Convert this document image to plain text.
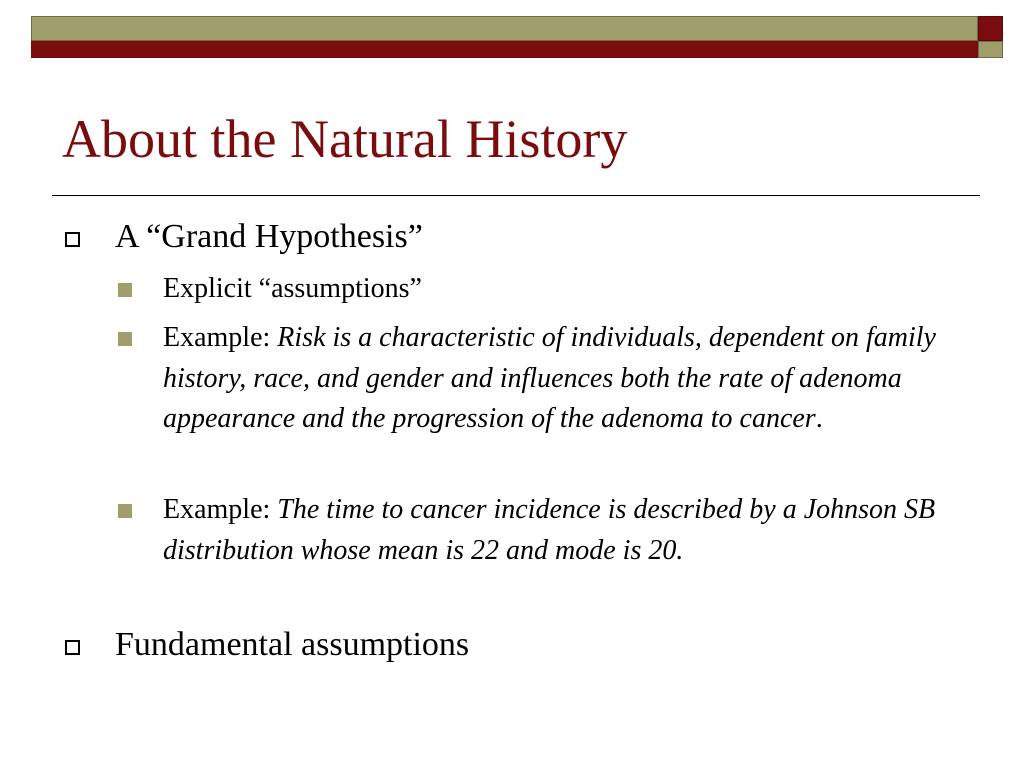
About the Natural History
A “Grand Hypothesis”
Explicit “assumptions”
Example: Risk is a characteristic of individuals, dependent on family history, race, and gender and influences both the rate of adenoma appearance and the progression of the adenoma to cancer.
Example: The time to cancer incidence is described by a Johnson SB distribution whose mean is 22 and mode is 20.
Fundamental assumptions
